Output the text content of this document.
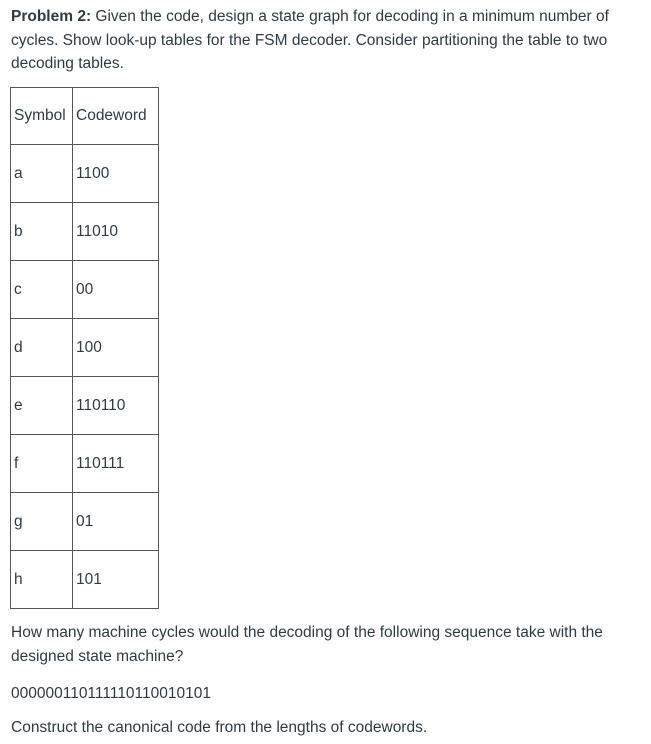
Problem 2: Given the code, design a state graph for decoding in a minimum number of cycles. Show look-up tables for the FSM decoder. Consider partitioning the table to two decoding tables.

Symbol	Codeword
a	1100
b	11010
c	00
d	100
e	110110
f	110111
g	01
h	101

How many machine cycles would the decoding of the following sequence take with the designed state machine?

000000110111110110010101

Construct the canonical code from the lengths of codewords.
